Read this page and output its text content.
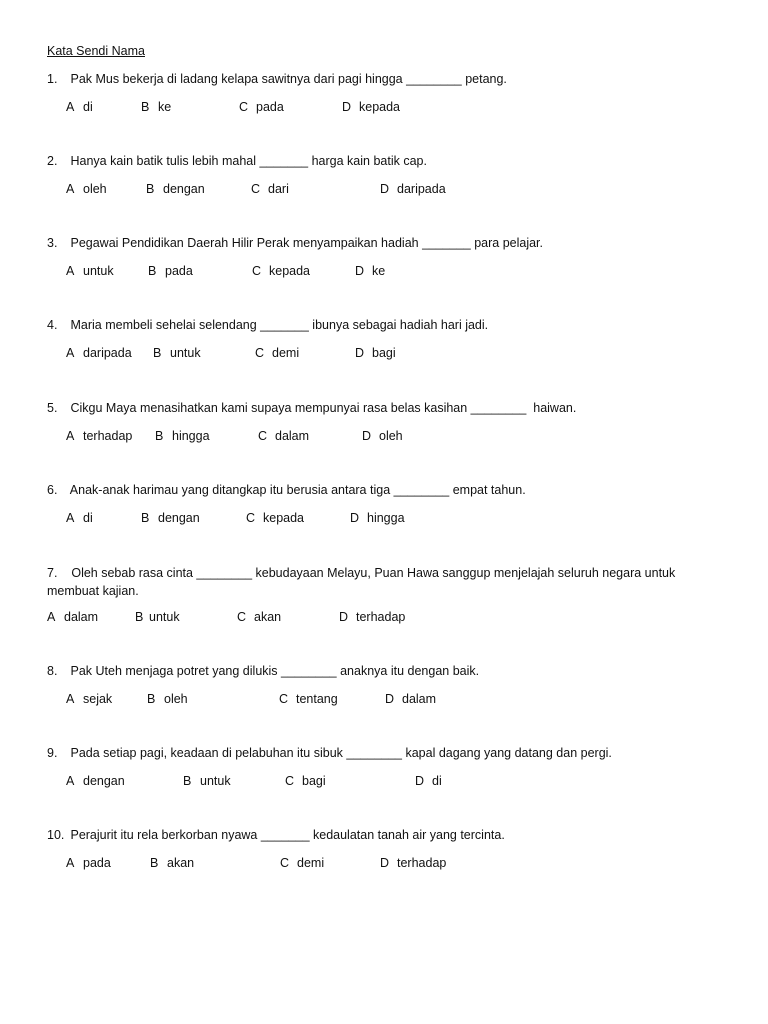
Kata Sendi Nama
1. Pak Mus bekerja di ladang kelapa sawitnya dari pagi hingga ________ petang.
A di	B ke	C pada	D kepada
2. Hanya kain batik tulis lebih mahal _______ harga kain batik cap.
A oleh	B dengan	C dari	D daripada
3. Pegawai Pendidikan Daerah Hilir Perak menyampaikan hadiah _______ para pelajar.
A untuk	B pada	C kepada	D ke
4. Maria membeli sehelai selendang _______ ibunya sebagai hadiah hari jadi.
A daripada B untuk	C demi	D bagi
5. Cikgu Maya menasihatkan kami supaya mempunyai rasa belas kasihan ________  haiwan.
A terhadap B hingga	C dalam	D oleh
6. Anak-anak harimau yang ditangkap itu berusia antara tiga ________ empat tahun.
A di	B dengan	C kepada	D hingga
7. Oleh sebab rasa cinta ________ kebudayaan Melayu, Puan Hawa sanggup menjelajah seluruh negara untuk membuat kajian.
A dalam	B untuk	C akan	D terhadap
8. Pak Uteh menjaga potret yang dilukis ________ anaknya itu dengan baik.
A sejak	B oleh	C tentang	D dalam
9. Pada setiap pagi, keadaan di pelabuhan itu sibuk ________ kapal dagang yang datang dan pergi.
A dengan	B untuk	C bagi	D di
10. Perajurit itu rela berkorban nyawa _______ kedaulatan tanah air yang tercinta.
A pada	B akan	C demi	D terhadap
